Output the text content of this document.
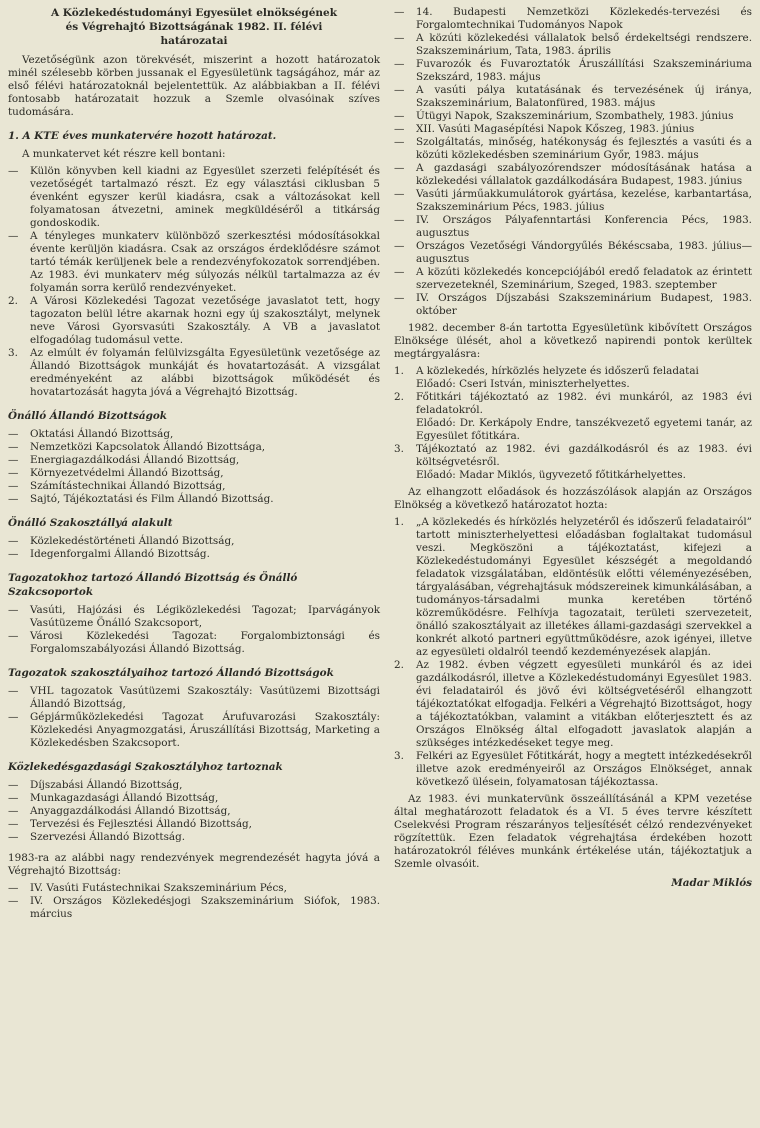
A Közlekedéstudományi Egyesület elnökségének
és Végrehajtó Bizottságának 1982. II. félévi
határozatai

Vezetőségünk azon törekvését, miszerint a hozott határozatok minél szélesebb körben jussanak el Egyesületünk tagságához, már az első félévi határozatoknál bejelentettük. Az alábbiakban a II. félévi fontosabb határozatait hozzuk a Szemle olvasóinak szíves tudomására.

1. A KTE éves munkatervére hozott határozat.

A munkatervet két részre kell bontani:

—	Külön könyvben kell kiadni az Egyesület szerzeti felépítését és vezetőségét tartalmazó részt. Ez egy választási ciklusban 5 évenként egyszer kerül kiadásra, csak a változásokat kell folyamatosan átvezetni, aminek megküldéséről a titkárság gondoskodik.
—	A tényleges munkaterv különböző szerkesztési módosításokkal évente kerüljön kiadásra. Csak az országos érdeklődésre számot tartó témák kerüljenek bele a rendezvényfokozatok sorrendjében. Az 1983. évi munkaterv még súlyozás nélkül tartalmazza az év folyamán sorra kerülő rendezvényeket.
2.	A Városi Közlekedési Tagozat vezetősége javaslatot tett, hogy tagozaton belül létre akarnak hozni egy új szakosztályt, melynek neve Városi Gyorsvasúti Szakosztály. A VB a javaslatot elfogadólag tudomásul vette.
3.	Az elmúlt év folyamán felülvizsgálta Egyesületünk vezetősége az Állandó Bizottságok munkáját és hovatartozását. A vizsgálat eredményeként az alábbi bizottságok működését és hovatartozását hagyta jóvá a Végrehajtó Bizottság.
Önálló Állandó Bizottságok
—	Oktatási Állandó Bizottság,
—	Nemzetközi Kapcsolatok Állandó Bizottsága,
—	Energiagazdálkodási Állandó Bizottság,
—	Környezetvédelmi Állandó Bizottság,
—	Számítástechnikai Állandó Bizottság,
—	Sajtó, Tájékoztatási és Film Állandó Bizottság.
Önálló Szakosztállyá alakult
—	Közlekedéstörténeti Állandó Bizottság,
—	Idegenforgalmi Állandó Bizottság.
Tagozatokhoz tartozó Állandó Bizottság és Önálló Szakcsoportok
—	Vasúti, Hajózási és Légiközlekedési Tagozat; Iparvágányok Vasútüzeme Önálló Szakcsoport,
—	Városi Közlekedési Tagozat: Forgalombiztonsági és Forgalomszabályozási Állandó Bizottság.
Tagozatok szakosztályaihoz tartozó Állandó Bizottságok
—	VHL tagozatok Vasútüzemi Szakosztály: Vasútüzemi Bizottsági Állandó Bizottság,
—	Gépjárműközlekedési Tagozat Árufuvarozási Szakosztály: Közlekedési Anyagmozgatási, Áruszállítási Bizottság, Marketing a Közlekedésben Szakcsoport.
Közlekedésgazdasági Szakosztályhoz tartoznak
—	Díjszabási Állandó Bizottság,
—	Munkagazdasági Állandó Bizottság,
—	Anyaggazdálkodási Állandó Bizottság,
—	Tervezési és Fejlesztési Állandó Bizottság,
—	Szervezési Állandó Bizottság.

1983-ra az alábbi nagy rendezvények megrendezését hagyta jóvá a Végrehajtó Bizottság:

—	IV. Vasúti Futástechnikai Szakszeminárium Pécs,
—	IV. Országos Közlekedésjogi Szakszeminárium Siófok, 1983. március
—	14. Budapesti Nemzetközi Közlekedés-tervezési és Forgalomtechnikai Tudományos Napok
—	A közúti közlekedési vállalatok belső érdekeltségi rendszere. Szakszeminárium, Tata, 1983. április
—	Fuvarozók és Fuvaroztatók Áruszállítási Szakszemináriuma Szekszárd, 1983. május
—	A vasúti pálya kutatásának és tervezésének új iránya, Szakszeminárium, Balatonfüred, 1983. május
—	Útügyi Napok, Szakszeminárium, Szombathely, 1983. június
—	XII. Vasúti Magasépítési Napok Kőszeg, 1983. június
—	Szolgáltatás, minőség, hatékonyság és fejlesztés a vasúti és a közúti közlekedésben szeminárium Győr, 1983. május
—	A gazdasági szabályozórendszer módosításának hatása a közlekedési vállalatok gazdálkodására Budapest, 1983. június
—	Vasúti járműakkumulátorok gyártása, kezelése, karbantartása, Szakszeminárium Pécs, 1983. július
—	IV. Országos Pályafenntartási Konferencia Pécs, 1983. augusztus
—	Országos Vezetőségi Vándorgyűlés Békéscsaba, 1983. július—augusztus
—	A közúti közlekedés koncepciójából eredő feladatok az érintett szervezeteknél, Szeminárium, Szeged, 1983. szeptember
—	IV. Országos Díjszabási Szakszeminárium Budapest, 1983. október

1982. december 8-án tartotta Egyesületünk kibővített Országos Elnöksége ülését, ahol a következő napirendi pontok kerültek megtárgyalásra:

1.	A közlekedés, hírközlés helyzete és időszerű feladatai
Előadó: Cseri István, miniszterhelyettes.
2.	Főtitkári tájékoztató az 1982. évi munkáról, az 1983 évi feladatokról.
Előadó: Dr. Kerkápoly Endre, tanszékvezető egyetemi tanár, az Egyesület főtitkára.
3.	Tájékoztató az 1982. évi gazdálkodásról és az 1983. évi költségvetésről.
Előadó: Madar Miklós, ügyvezető főtitkárhelyettes.

Az elhangzott előadások és hozzászólások alapján az Országos Elnökség a következő határozatot hozta:

1.	„A közlekedés és hírközlés helyzetéről és időszerű feladatairól” tartott miniszterhelyettesi előadásban foglaltakat tudomásul veszi. Megköszöni a tájékoztatást, kifejezi a Közlekedéstudományi Egyesület készségét a megoldandó feladatok vizsgálatában, eldöntésük előtti véleményezésében, tárgyalásában, végrehajtásuk módszereinek kimunkálásában, a tudományos-társadalmi munka keretében történő közreműködésre. Felhívja tagozatait, területi szervezeteit, önálló szakosztályait az illetékes állami-gazdasági szervekkel a konkrét alkotó partneri együttműködésre, azok igényei, illetve az egyesületi oldalról teendő kezdeményezések alapján.
2.	Az 1982. évben végzett egyesületi munkáról és az idei gazdálkodásról, illetve a Közlekedéstudományi Egyesület 1983. évi feladatairól és jövő évi költségvetéséről elhangzott tájékoztatókat elfogadja. Felkéri a Végrehajtó Bizottságot, hogy a tájékoztatókban, valamint a vitákban előterjesztett és az Országos Elnökség által elfogadott javaslatok alapján a szükséges intézkedéseket tegye meg.
3.	Felkéri az Egyesület Főtitkárát, hogy a megtett intézkedésekről illetve azok eredményeiről az Országos Elnökséget, annak következő ülésein, folyamatosan tájékoztassa.

Az 1983. évi munkatervünk összeállításánál a KPM vezetése által meghatározott feladatok és a VI. 5 éves tervre készített Cselekvési Program részarányos teljesítését célzó rendezvényeket rögzítettük. Ezen feladatok végrehajtása érdekében hozott határozatokról féléves munkánk értékelése után, tájékoztatjuk a Szemle olvasóit.

Madar Miklós
